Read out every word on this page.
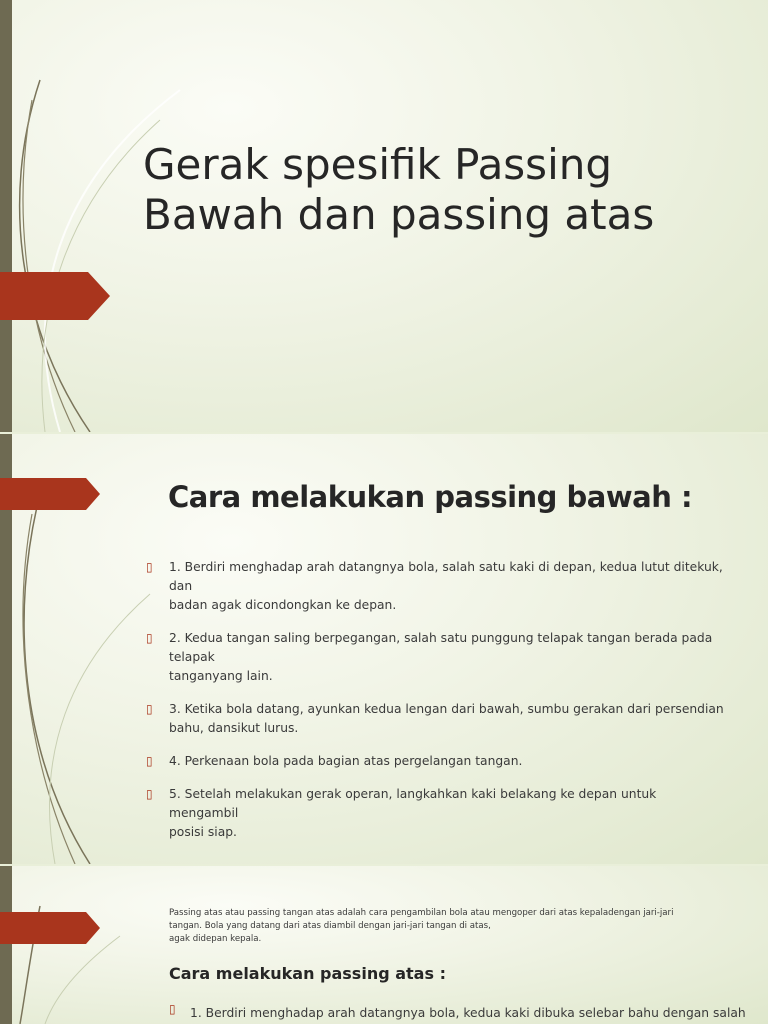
Gerak spesifik Passing
Bawah dan passing atas
Cara melakukan passing bawah :
▯ 1. Berdiri menghadap arah datangnya bola, salah satu kaki di depan, kedua lutut ditekuk, dan
badan agak dicondongkan ke depan.
▯ 2. Kedua tangan saling berpegangan, salah satu punggung telapak tangan berada pada telapak
tanganyang lain.
▯ 3. Ketika bola datang, ayunkan kedua lengan dari bawah, sumbu gerakan dari persendian
bahu, dansikut lurus.
▯ 4. Perkenaan bola pada bagian atas pergelangan tangan.
▯ 5. Setelah melakukan gerak operan, langkahkan kaki belakang ke depan untuk mengambil
posisi siap.

Passing atas atau passing tangan atas adalah cara pengambilan bola atau mengoper dari atas kepaladengan jari-jari
tangan. Bola yang datang dari atas diambil dengan jari-jari tangan di atas,
agak didepan kepala.

Cara melakukan passing atas :
▯ 1. Berdiri menghadap arah datangnya bola, kedua kaki dibuka selebar bahu dengan salah
